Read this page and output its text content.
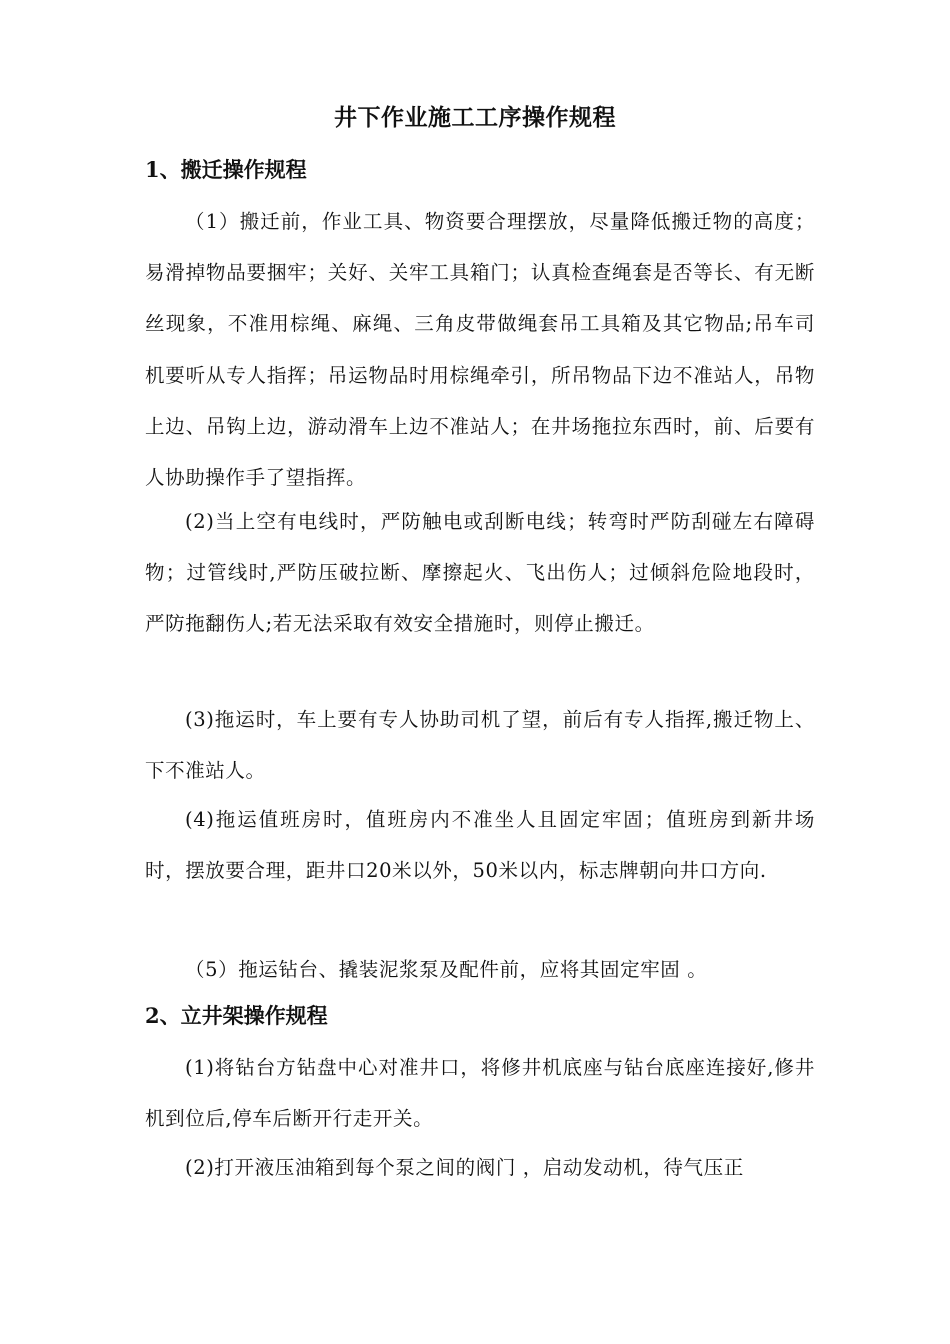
井下作业施工工序操作规程
1、搬迁操作规程
（1）搬迁前，作业工具、物资要合理摆放，尽量降低搬迁物的高度；易滑掉物品要捆牢；关好、关牢工具箱门；认真检查绳套是否等长、有无断丝现象，不准用棕绳、麻绳、三角皮带做绳套吊工具箱及其它物品;吊车司机要听从专人指挥；吊运物品时用棕绳牵引，所吊物品下边不准站人，吊物上边、吊钩上边，游动滑车上边不准站人；在井场拖拉东西时，前、后要有人协助操作手了望指挥。
(2)当上空有电线时，严防触电或刮断电线；转弯时严防刮碰左右障碍物；过管线时,严防压破拉断、摩擦起火、飞出伤人；过倾斜危险地段时，严防拖翻伤人;若无法采取有效安全措施时，则停止搬迁。
(3)拖运时，车上要有专人协助司机了望，前后有专人指挥,搬迁物上、下不准站人。
(4)拖运值班房时，值班房内不准坐人且固定牢固；值班房到新井场时，摆放要合理，距井口20米以外，50米以内，标志牌朝向井口方向.
（5）拖运钻台、撬装泥浆泵及配件前，应将其固定牢固 。
2、立井架操作规程
(1)将钻台方钻盘中心对准井口，将修井机底座与钻台底座连接好,修井机到位后,停车后断开行走开关。
(2)打开液压油箱到每个泵之间的阀门 ，启动发动机，待气压正
